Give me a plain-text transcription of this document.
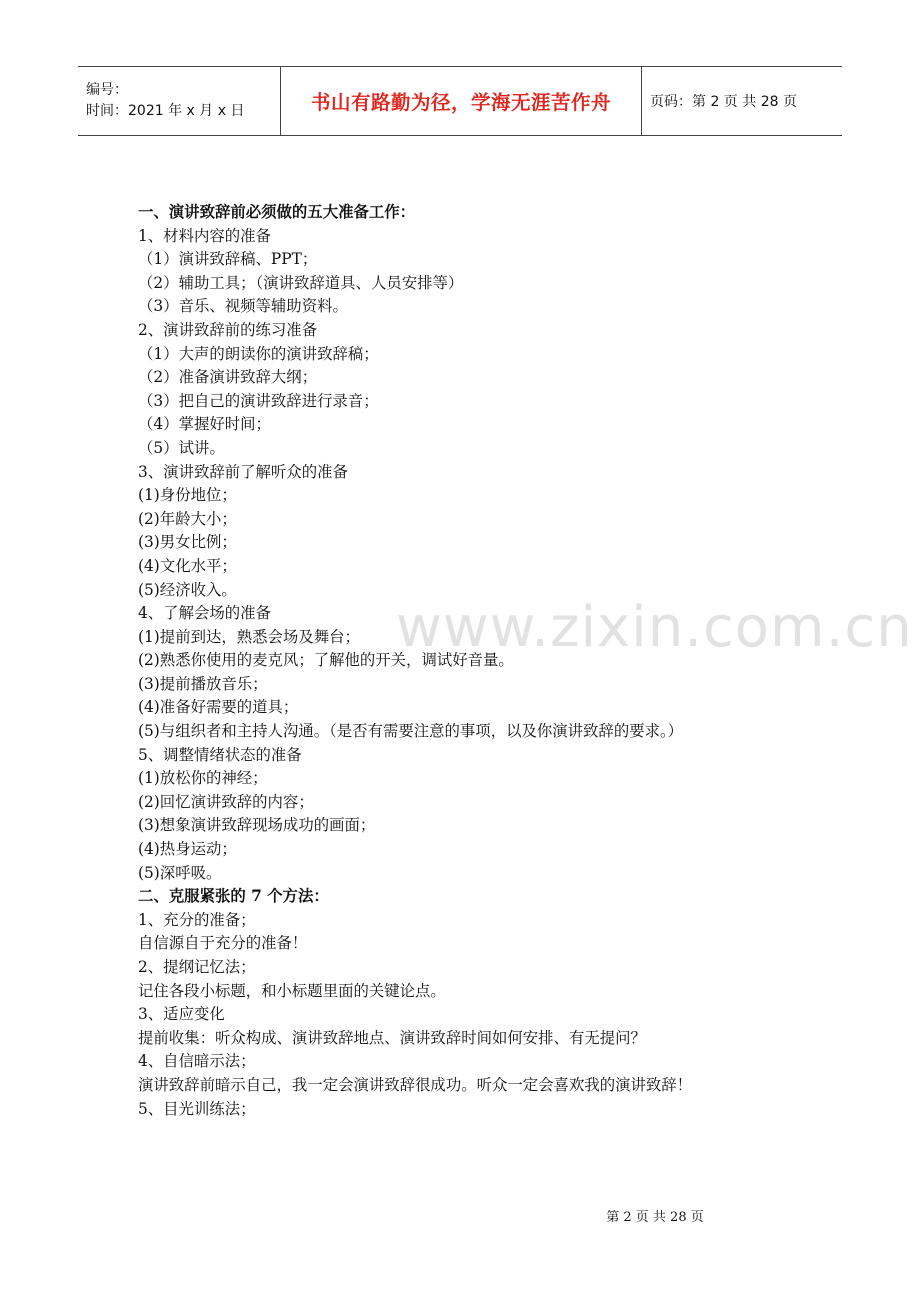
编号：
时间：2021 年 x 月 x 日	书山有路勤为径，学海无涯苦作舟	页码：第 2 页 共 28 页
www.zixin.com.cn
一、演讲致辞前必须做的五大准备工作：
1、材料内容的准备
（1）演讲致辞稿、PPT；
（2）辅助工具；（演讲致辞道具、人员安排等）
（3）音乐、视频等辅助资料。
2、演讲致辞前的练习准备
（1）大声的朗读你的演讲致辞稿；
（2）准备演讲致辞大纲；
（3）把自己的演讲致辞进行录音；
（4）掌握好时间；
（5）试讲。
3、演讲致辞前了解听众的准备
(1)身份地位；
(2)年龄大小；
(3)男女比例；
(4)文化水平；
(5)经济收入。
4、了解会场的准备
(1)提前到达，熟悉会场及舞台；
(2)熟悉你使用的麦克风；了解他的开关，调试好音量。
(3)提前播放音乐；
(4)准备好需要的道具；
(5)与组织者和主持人沟通。（是否有需要注意的事项，以及你演讲致辞的要求。）
5、调整情绪状态的准备
(1)放松你的神经；
(2)回忆演讲致辞的内容；
(3)想象演讲致辞现场成功的画面；
(4)热身运动；
(5)深呼吸。
二、克服紧张的 7 个方法：
1、充分的准备；
自信源自于充分的准备！
2、提纲记忆法；
记住各段小标题，和小标题里面的关键论点。
3、适应变化
提前收集：听众构成、演讲致辞地点、演讲致辞时间如何安排、有无提问？
4、自信暗示法；
演讲致辞前暗示自己，我一定会演讲致辞很成功。听众一定会喜欢我的演讲致辞！
5、目光训练法；
第 2 页 共 28 页
